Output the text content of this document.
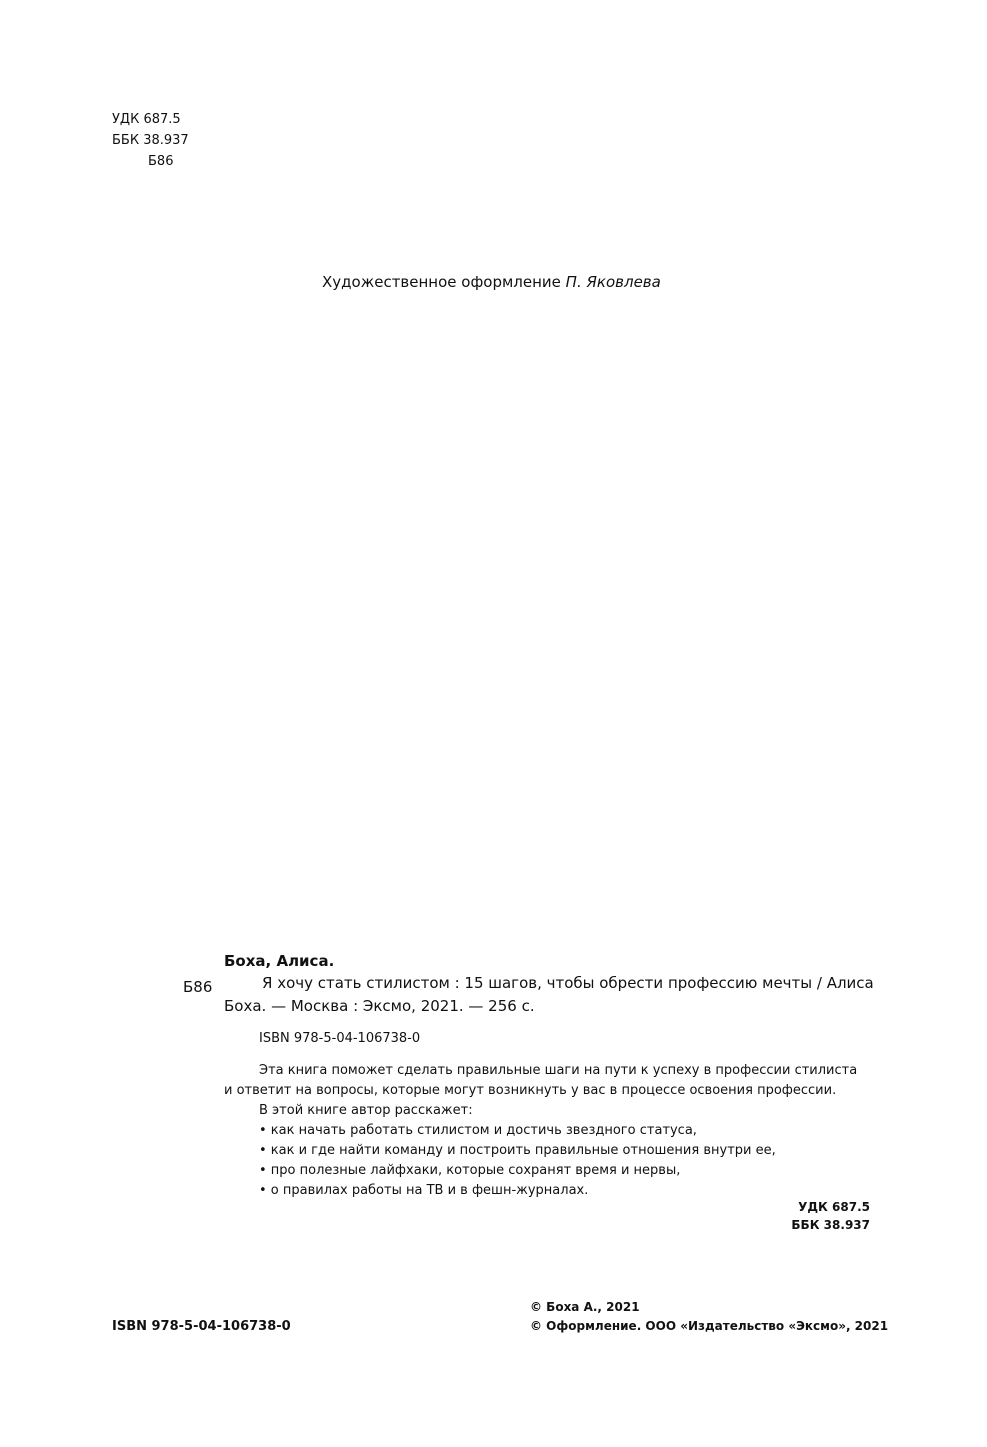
УДК 687.5
ББК 38.937
Б86
Художественное оформление П. Яковлева
Боха, Алиса.
Б86	Я хочу стать стилистом : 15 шагов, чтобы обрести профессию мечты / Алиса
Боха. — Москва : Эксмо, 2021. — 256 с.
ISBN 978-5-04-106738-0
Эта книга поможет сделать правильные шаги на пути к успеху в профессии стилиста
и ответит на вопросы, которые могут возникнуть у вас в процессе освоения профессии.
В этой книге автор расскажет:
• как начать работать стилистом и достичь звездного статуса,
• как и где найти команду и построить правильные отношения внутри ее,
• про полезные лайфхаки, которые сохранят время и нервы,
• о правилах работы на ТВ и в фешн-журналах.
УДК 687.5
ББК 38.937
ISBN 978-5-04-106738-0
© Боха А., 2021
© Оформление. ООО «Издательство «Эксмо», 2021
